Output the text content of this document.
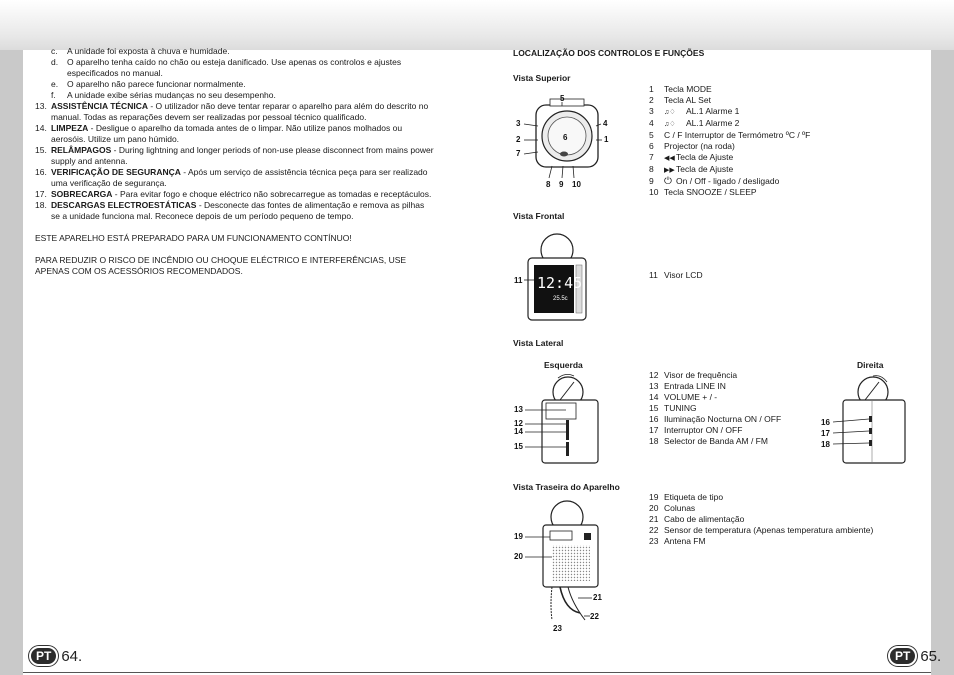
c.	A unidade foi exposta à chuva e humidade.
d.	O aparelho tenha caído no chão ou esteja danificado. Use apenas os controlos e ajustes especificados no manual.
e.	O aparelho não parece funcionar normalmente.
f.	A unidade exibe sérias mudanças no seu desempenho.
13. ASSISTÊNCIA TÉCNICA - O utilizador não deve tentar reparar o aparelho para além do descrito no manual. Todas as reparações devem ser realizadas por pessoal técnico qualificado.
14. LIMPEZA - Desligue o aparelho da tomada antes de o limpar. Não utilize panos molhados ou aerosóis. Utilize um pano húmido.
15. RELÂMPAGOS - During lightning and longer periods of non-use please disconnect from mains power supply and antenna.
16. VERIFICAÇÃO DE SEGURANÇA - Após um serviço de assistência técnica peça para ser realizado uma verificação de segurança.
17. SOBRECARGA - Para evitar fogo e choque eléctrico não sobrecarregue as tomadas e receptáculos.
18. DESCARGAS ELECTROESTÁTICAS - Desconecte das fontes de alimentação e remova as pilhas se a unidade funciona mal. Reconece depois de um período pequeno de tempo.
ESTE APARELHO ESTÁ PREPARADO PARA UM FUNCIONAMENTO CONTÍNUO!
PARA REDUZIR O RISCO DE INCÊNDIO OU CHOQUE ELÉCTRICO E INTERFERÊNCIAS, USE APENAS COM OS ACESSÓRIOS RECOMENDADOS.
LOCALIZAÇÃO DOS CONTROLOS E FUNÇÕES
Vista Superior
1	Tecla MODE
2	Tecla AL Set
3	♫♢ AL.1 Alarme 1
4	♫♢ AL.1 Alarme 2
5	C / F Interruptor de Termómetro ºC / ºF
6	Projector (na roda)
7	◀◀Tecla de Ajuste
8	▶▶Tecla de Ajuste
9	⏻ On / Off - ligado / desligado
10 Tecla SNOOZE / SLEEP
Vista Frontal
11 Visor LCD
Vista Lateral
Esquerda	Direita
12 Visor de frequência
13 Entrada LINE IN
14 VOLUME + / -
15 TUNING
16 Iluminação Nocturna ON / OFF
17 Interruptor ON / OFF
18 Selector de Banda AM / FM
Vista Traseira do Aparelho
19 Etiqueta de tipo
20 Colunas
21 Cabo de alimentação
22 Sensor de temperatura (Apenas temperatura ambiente)
23 Antena FM
5
3	4
2	6	1
7
8 9 10
12:45
25.5c
11
13
12
14
15
16
17
18
19
20
21
22
23
PT 64.	PT 65.
